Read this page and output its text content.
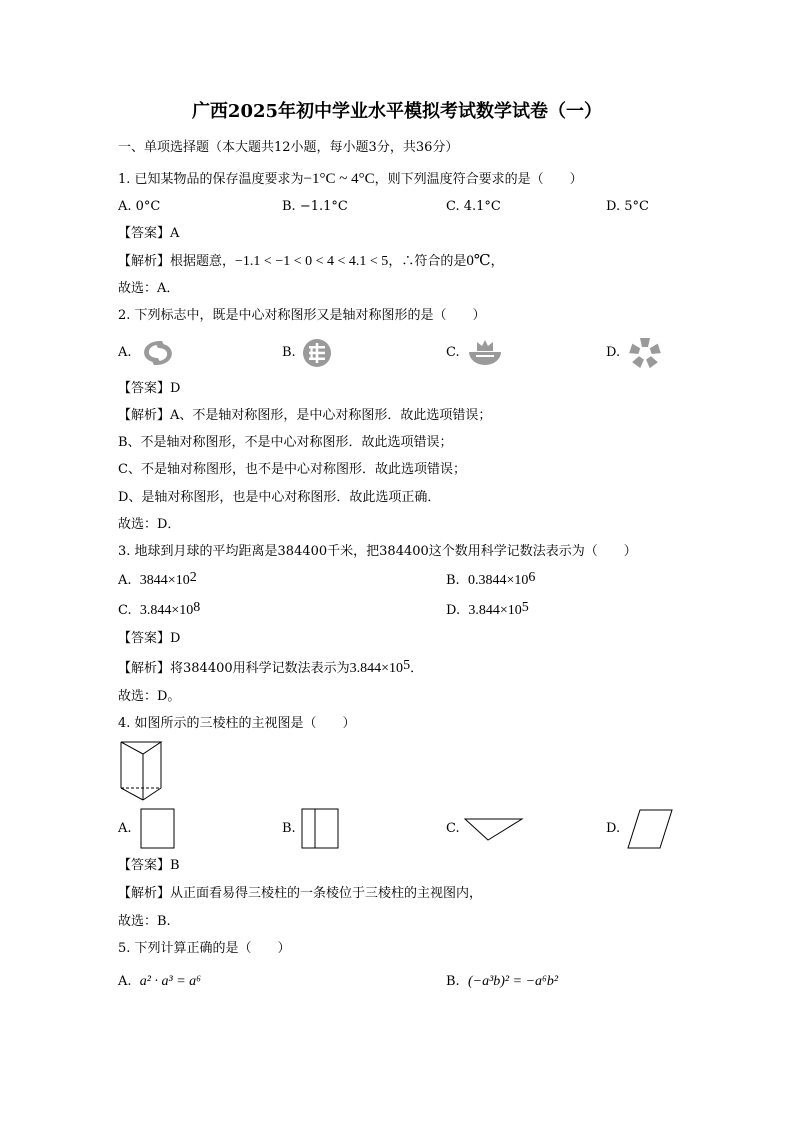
广西2025年初中学业水平模拟考试数学试卷（一）
一、单项选择题（本大题共12小题，每小题3分，共36分）
1. 已知某物品的保存温度要求为−1°C ~ 4°C，则下列温度符合要求的是（　　）
A. 0°C	B. −1.1°C	C. 4.1°C	D. 5°C
【答案】A
【解析】根据题意，−1.1 < −1 < 0 < 4 < 4.1 < 5，∴符合的是0℃，
故选：A．
2. 下列标志中，既是中心对称图形又是轴对称图形的是（　　）
A.	B.	C.	D.
【答案】D
【解析】A、不是轴对称图形，是中心对称图形．故此选项错误；
B、不是轴对称图形，不是中心对称图形．故此选项错误；
C、不是轴对称图形，也不是中心对称图形．故此选项错误；
D、是轴对称图形，也是中心对称图形．故此选项正确．
故选：D．
3. 地球到月球的平均距离是384400千米，把384400这个数用科学记数法表示为（　　）
A. $3844\times 10^2$	B. $0.3844\times 10^6$
C. $3.844\times 10^8$	D. $3.844\times 10^5$
【答案】D
【解析】将384400用科学记数法表示为$3.844\times 10^5$．
故选：D。
4. 如图所示的三棱柱的主视图是（　　）
A.	B.	C.	D.
【答案】B
【解析】从正面看易得三棱柱的一条棱位于三棱柱的主视图内，
故选：B.
5. 下列计算正确的是（　　）
A. a² · a³ = a⁶	B. (−a³b)² = −a⁶b²
